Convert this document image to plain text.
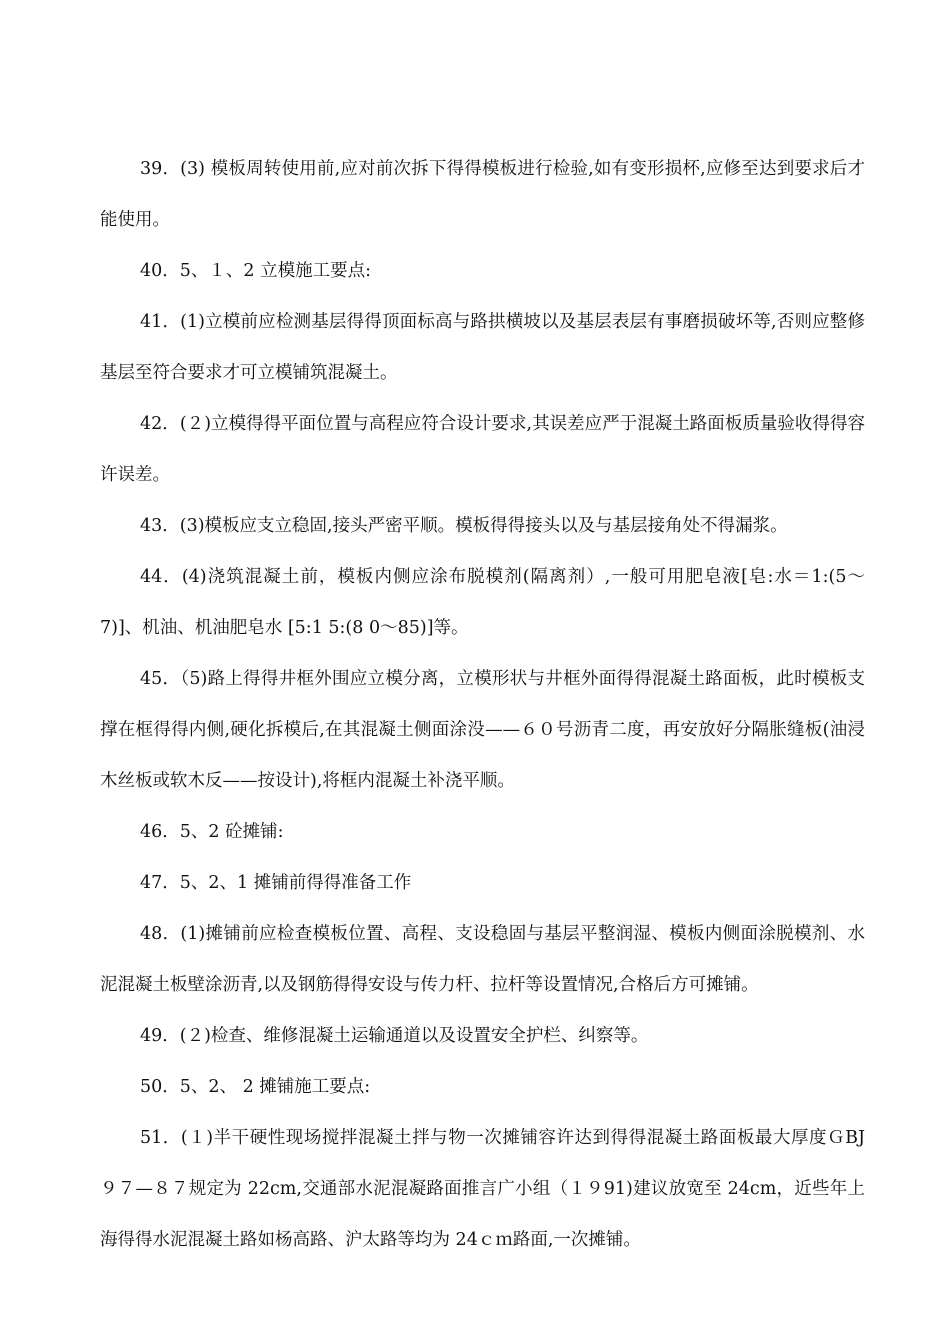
39．(3) 模板周转使用前,应对前次拆下得得模板进行检验,如有变形损杯,应修至达到要求后才能使用。

40．5、１、2 立模施工要点:

41．(1)立模前应检测基层得得顶面标高与路拱横坡以及基层表层有事磨损破坏等,否则应整修基层至符合要求才可立模铺筑混凝土。

42．(２)立模得得平面位置与高程应符合设计要求,其误差应严于混凝土路面板质量验收得得容许误差。

43．(3)模板应支立稳固,接头严密平顺。模板得得接头以及与基层接角处不得漏浆。

44．(4)浇筑混凝土前，模板内侧应涂布脱模剂(隔离剂）,一般可用肥皂液[皂:水＝1:(5～7)]、机油、机油肥皂水 [5:1 5:(8 0～85)]等。

45．（5)路上得得井框外围应立模分离，立模形状与井框外面得得混凝土路面板，此时模板支撑在框得得内侧,硬化拆模后,在其混凝土侧面涂没——６０号沥青二度，再安放好分隔胀缝板(油浸木丝板或软木反——按设计),将框内混凝土补浇平顺。

46．5、2 砼摊铺:

47．5、2、1 摊铺前得得准备工作

48．(1)摊铺前应检查模板位置、高程、支设稳固与基层平整润湿、模板内侧面涂脱模剂、水泥混凝土板壁涂沥青,以及钢筋得得安设与传力杆、拉杆等设置情况,合格后方可摊铺。

49．(２)检查、维修混凝土运输通道以及设置安全护栏、纠察等。

50．5、2、 2 摊铺施工要点:

51．(１)半干硬性现场搅拌混凝土拌与物一次摊铺容许达到得得混凝土路面板最大厚度ＧBJ ９７—８７规定为 22cm,交通部水泥混凝路面推言广小组（１９91)建议放宽至 24cm，近些年上海得得水泥混凝土路如杨高路、沪太路等均为 24ｃｍ路面,一次摊铺。
